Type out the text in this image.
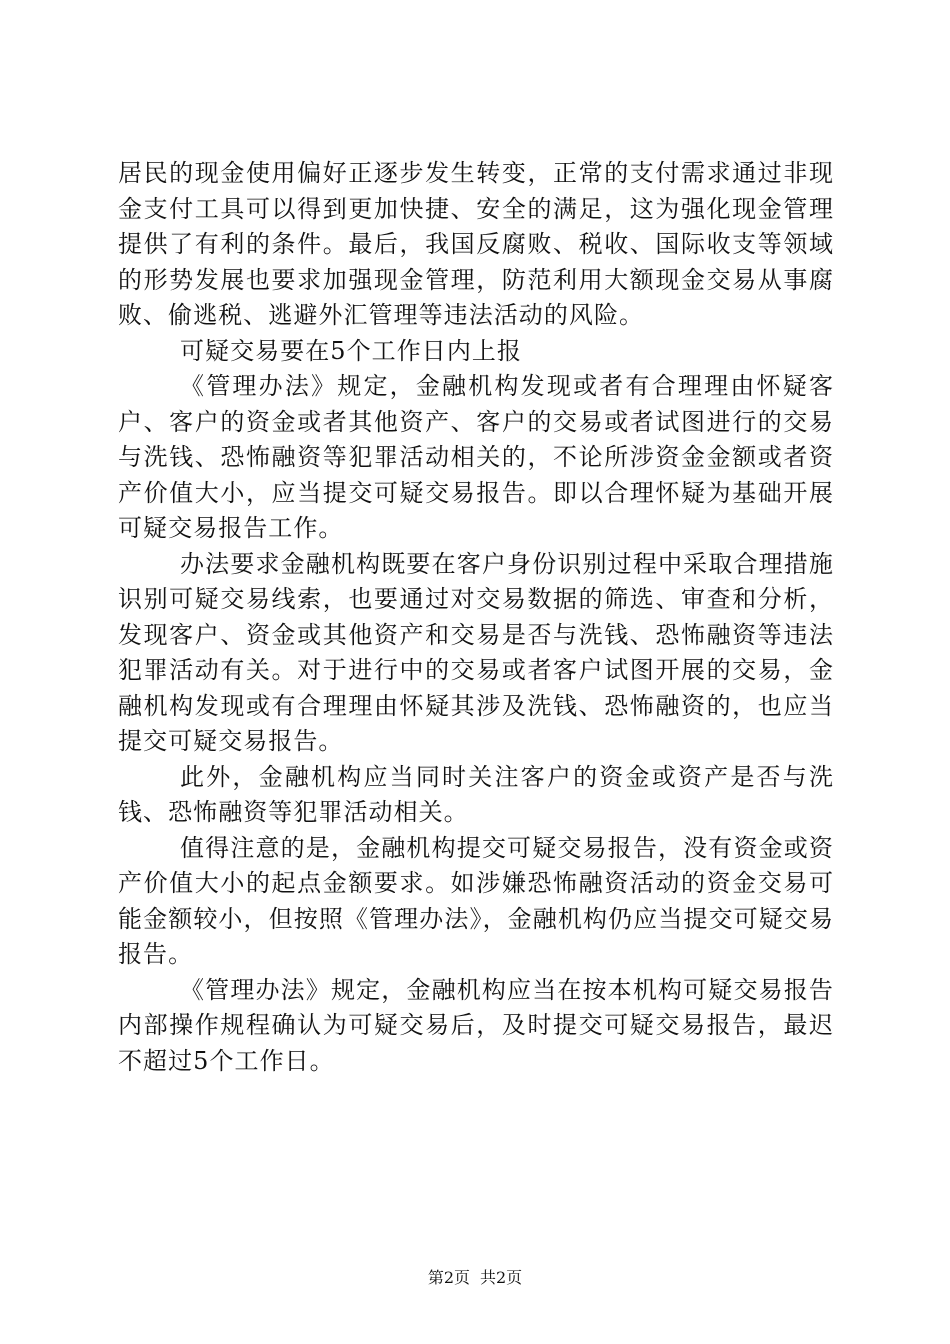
居民的现金使用偏好正逐步发生转变，正常的支付需求通过非现金支付工具可以得到更加快捷、安全的满足，这为强化现金管理提供了有利的条件。最后，我国反腐败、税收、国际收支等领域的形势发展也要求加强现金管理，防范利用大额现金交易从事腐败、偷逃税、逃避外汇管理等违法活动的风险。

可疑交易要在5个工作日内上报

《管理办法》规定，金融机构发现或者有合理理由怀疑客户、客户的资金或者其他资产、客户的交易或者试图进行的交易与洗钱、恐怖融资等犯罪活动相关的，不论所涉资金金额或者资产价值大小，应当提交可疑交易报告。即以合理怀疑为基础开展可疑交易报告工作。

办法要求金融机构既要在客户身份识别过程中采取合理措施识别可疑交易线索，也要通过对交易数据的筛选、审查和分析，发现客户、资金或其他资产和交易是否与洗钱、恐怖融资等违法犯罪活动有关。对于进行中的交易或者客户试图开展的交易，金融机构发现或有合理理由怀疑其涉及洗钱、恐怖融资的，也应当提交可疑交易报告。

此外，金融机构应当同时关注客户的资金或资产是否与洗钱、恐怖融资等犯罪活动相关。

值得注意的是，金融机构提交可疑交易报告，没有资金或资产价值大小的起点金额要求。如涉嫌恐怖融资活动的资金交易可能金额较小，但按照《管理办法》，金融机构仍应当提交可疑交易报告。

《管理办法》规定，金融机构应当在按本机构可疑交易报告内部操作规程确认为可疑交易后，及时提交可疑交易报告，最迟不超过5个工作日。

第2页 共2页
